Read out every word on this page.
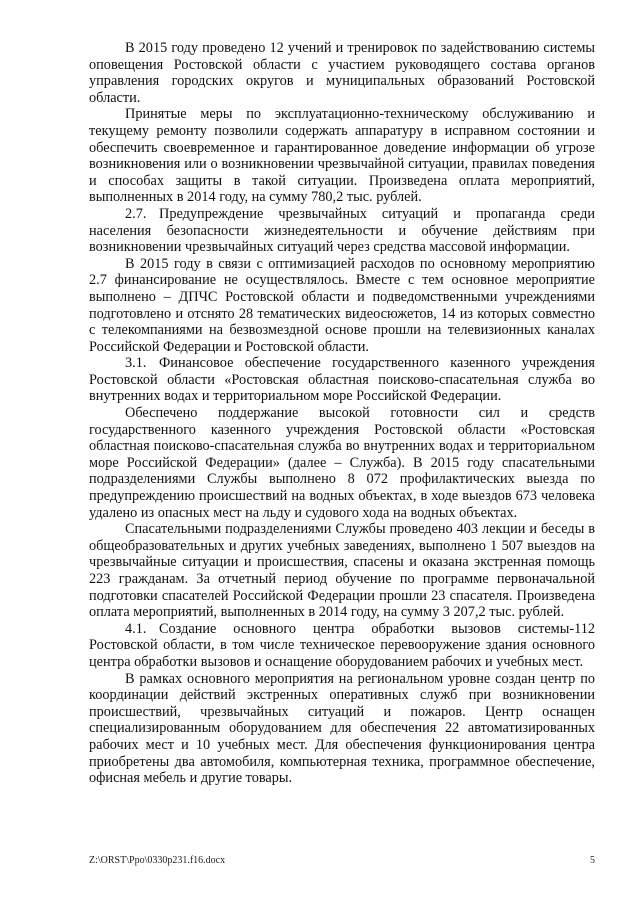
В 2015 году проведено 12 учений и тренировок по задействованию системы оповещения Ростовской области с участием руководящего состава органов управления городских округов и муниципальных образований Ростовской области.

Принятые меры по эксплуатационно-техническому обслуживанию и текущему ремонту позволили содержать аппаратуру в исправном состоянии и обеспечить своевременное и гарантированное доведение информации об угрозе возникновения или о возникновении чрезвычайной ситуации, правилах поведения и способах защиты в такой ситуации. Произведена оплата мероприятий, выполненных в 2014 году, на сумму 780,2 тыс. рублей.

2.7. Предупреждение чрезвычайных ситуаций и пропаганда среди населения безопасности жизнедеятельности и обучение действиям при возникновении чрезвычайных ситуаций через средства массовой информации.

В 2015 году в связи с оптимизацией расходов по основному мероприятию 2.7 финансирование не осуществлялось. Вместе с тем основное мероприятие выполнено – ДПЧС Ростовской области и подведомственными учреждениями подготовлено и отснято 28 тематических видеосюжетов, 14 из которых совместно с телекомпаниями на безвозмездной основе прошли на телевизионных каналах Российской Федерации и Ростовской области.

3.1. Финансовое обеспечение государственного казенного учреждения Ростовской области «Ростовская областная поисково-спасательная служба во внутренних водах и территориальном море Российской Федерации.

Обеспечено поддержание высокой готовности сил и средств государственного казенного учреждения Ростовской области «Ростовская областная поисково-спасательная служба во внутренних водах и территориальном море Российской Федерации» (далее – Служба). В 2015 году спасательными подразделениями Службы выполнено 8 072 профилактических выезда по предупреждению происшествий на водных объектах, в ходе выездов 673 человека удалено из опасных мест на льду и судового хода на водных объектах.

Спасательными подразделениями Службы проведено 403 лекции и беседы в общеобразовательных и других учебных заведениях, выполнено 1 507 выездов на чрезвычайные ситуации и происшествия, спасены и оказана экстренная помощь 223 гражданам. За отчетный период обучение по программе первоначальной подготовки спасателей Российской Федерации прошли 23 спасателя. Произведена оплата мероприятий, выполненных в 2014 году, на сумму 3 207,2 тыс. рублей.

4.1. Создание основного центра обработки вызовов системы-112 Ростовской области, в том числе техническое перевооружение здания основного центра обработки вызовов и оснащение оборудованием рабочих и учебных мест.

В рамках основного мероприятия на региональном уровне создан центр по координации действий экстренных оперативных служб при возникновении происшествий, чрезвычайных ситуаций и пожаров. Центр оснащен специализированным оборудованием для обеспечения 22 автоматизированных рабочих мест и 10 учебных мест. Для обеспечения функционирования центра приобретены два автомобиля, компьютерная техника, программное обеспечение, офисная мебель и другие товары.

Z:\ORST\Ppo\0330p231.f16.docx	5
